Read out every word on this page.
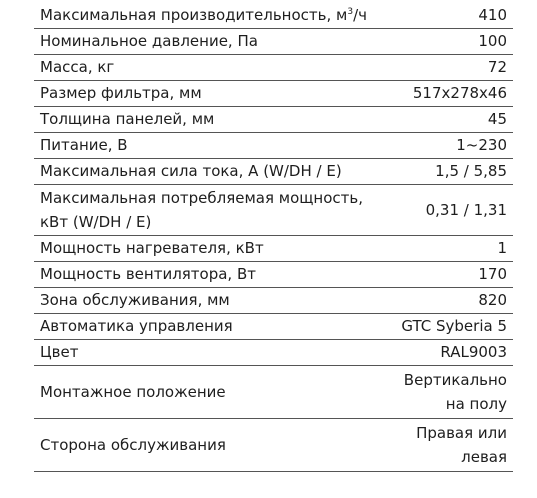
Максимальная производительность, $м^3/ч$	410
Номинальное давление, Па	100
Масса, кг	72
Размер фильтра, мм	517x278x46
Толщина панелей, мм	45
Питание, В	1~230
Максимальная сила тока, А (W/DH / E)	1,5 / 5,85
Максимальная потребляемая мощность, кВт (W/DH / E)	0,31 / 1,31
Мощность нагревателя, кВт	1
Мощность вентилятора, Вт	170
Зона обслуживания, мм	820
Автоматика управления	GTC Syberia 5
Цвет	RAL9003
Монтажное положение	Вертикально на полу
Сторона обслуживания	Правая или левая
